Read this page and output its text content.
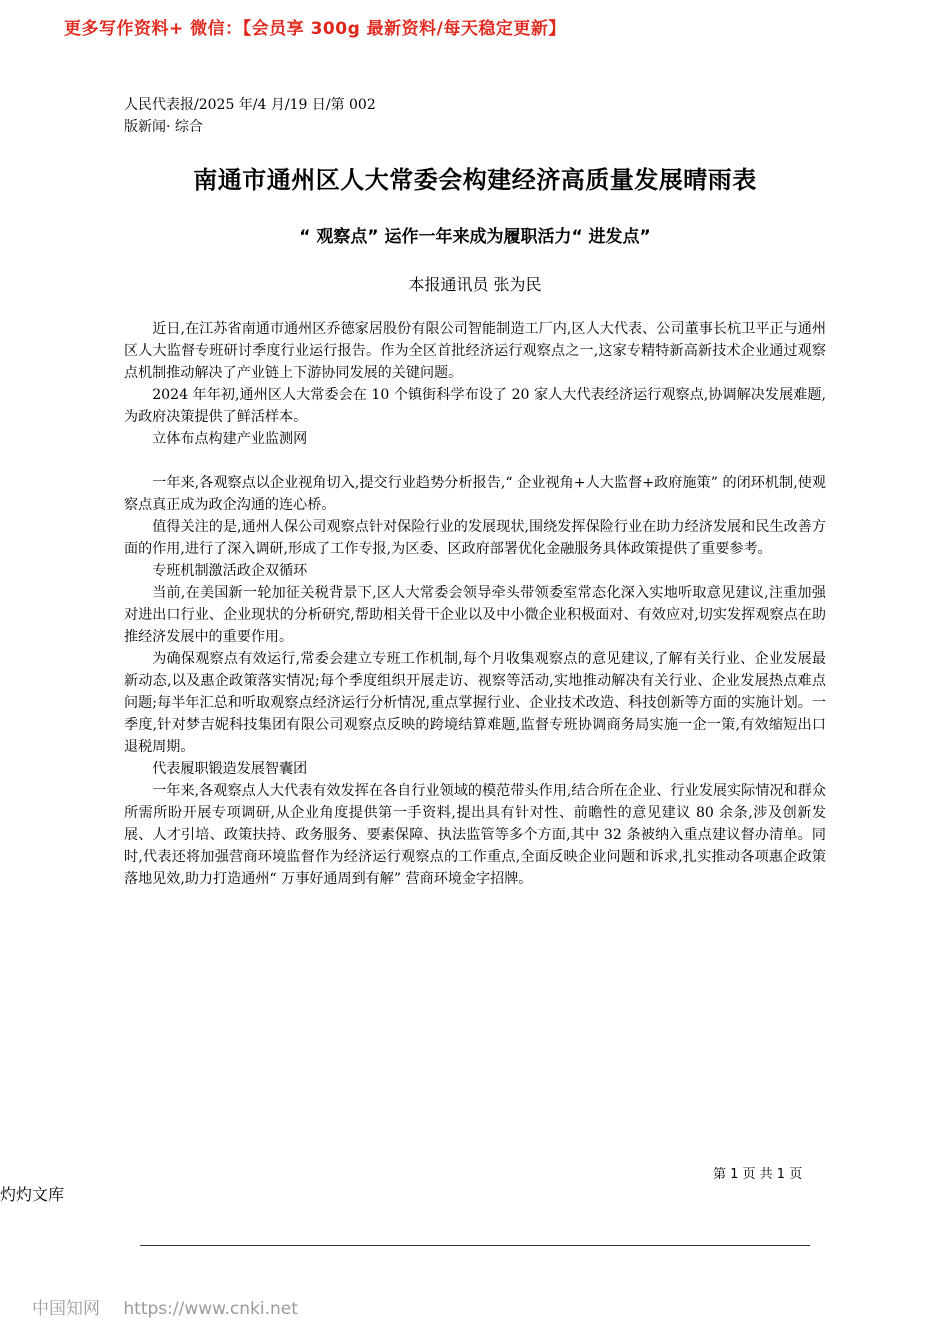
更多写作资料+ 微信：【会员享 300g 最新资料/每天稳定更新】
人民代表报/2025 年/4 月/19 日/第 002
版新闻· 综合
南通市通州区人大常委会构建经济高质量发展晴雨表
“ 观察点” 运作一年来成为履职活力“ 进发点”
本报通讯员 张为民

近日,在江苏省南通市通州区乔德家居股份有限公司智能制造工厂内,区人大代表、公司董事长杭卫平正与通州区人大监督专班研讨季度行业运行报告。作为全区首批经济运行观察点之一,这家专精特新高新技术企业通过观察点机制推动解决了产业链上下游协同发展的关键问题。

2024 年年初,通州区人大常委会在 10 个镇街科学布设了 20 家人大代表经济运行观察点,协调解决发展难题,为政府决策提供了鲜活样本。

立体布点构建产业监测网

一年来,各观察点以企业视角切入,提交行业趋势分析报告,“ 企业视角+人大监督+政府施策” 的闭环机制,使观察点真正成为政企沟通的连心桥。

值得关注的是,通州人保公司观察点针对保险行业的发展现状,围绕发挥保险行业在助力经济发展和民生改善方面的作用,进行了深入调研,形成了工作专报,为区委、区政府部署优化金融服务具体政策提供了重要参考。

专班机制激活政企双循环

当前,在美国新一轮加征关税背景下,区人大常委会领导牵头带领委室常态化深入实地听取意见建议,注重加强对进出口行业、企业现状的分析研究,帮助相关骨干企业以及中小微企业积极面对、有效应对,切实发挥观察点在助推经济发展中的重要作用。

为确保观察点有效运行,常委会建立专班工作机制,每个月收集观察点的意见建议,了解有关行业、企业发展最新动态,以及惠企政策落实情况;每个季度组织开展走访、视察等活动,实地推动解决有关行业、企业发展热点难点问题;每半年汇总和听取观察点经济运行分析情况,重点掌握行业、企业技术改造、科技创新等方面的实施计划。一季度,针对梦吉妮科技集团有限公司观察点反映的跨境结算难题,监督专班协调商务局实施一企一策,有效缩短出口退税周期。

代表履职锻造发展智囊团

一年来,各观察点人大代表有效发挥在各自行业领域的模范带头作用,结合所在企业、行业发展实际情况和群众所需所盼开展专项调研,从企业角度提供第一手资料,提出具有针对性、前瞻性的意见建议 80 余条,涉及创新发展、人才引培、政策扶持、政务服务、要素保障、执法监管等多个方面,其中 32 条被纳入重点建议督办清单。同时,代表还将加强营商环境监督作为经济运行观察点的工作重点,全面反映企业问题和诉求,扎实推动各项惠企政策落地见效,助力打造通州“ 万事好通周到有解” 营商环境金字招牌。

第 1 页 共 1 页
灼灼文库
中国知网 https://www.cnki.net
